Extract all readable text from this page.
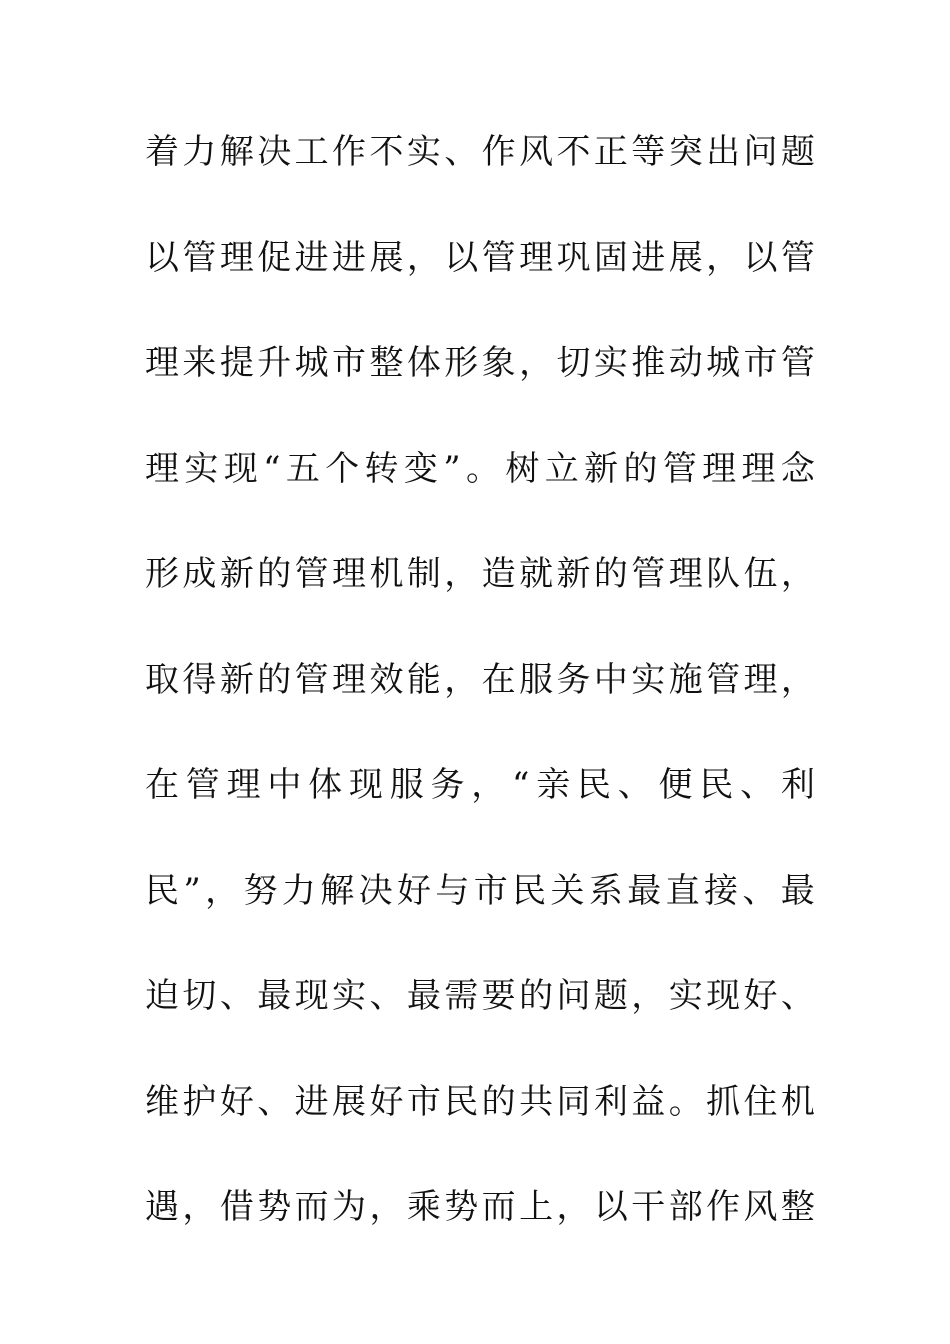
着 力 解 决 工 作 不 实 、 作 风 不 正 等 突 出 问 题
以 管 理 促 进 进 展 ， 以 管 理 巩 固 进 展 ， 以 管
理 来 提 升 城 市 整 体 形 象 ， 切 实 推 动 城 市 管
理 实 现 “ 五 个 转 变 ” 。 树 立 新 的 管 理 理 念
形 成 新 的 管 理 机 制 ， 造 就 新 的 管 理 队 伍 ，
取 得 新 的 管 理 效 能 ， 在 服 务 中 实 施 管 理 ，
在 管 理 中 体 现 服 务 ， “ 亲 民 、 便 民 、 利
民 ” ， 努 力 解 决 好 与 市 民 关 系 最 直 接 、 最
迫 切 、 最 现 实 、 最 需 要 的 问 题 ， 实 现 好 、
维 护 好 、 进 展 好 市 民 的 共 同 利 益 。 抓 住 机
遇 ， 借 势 而 为 ， 乘 势 而 上 ， 以 干 部 作 风 整
